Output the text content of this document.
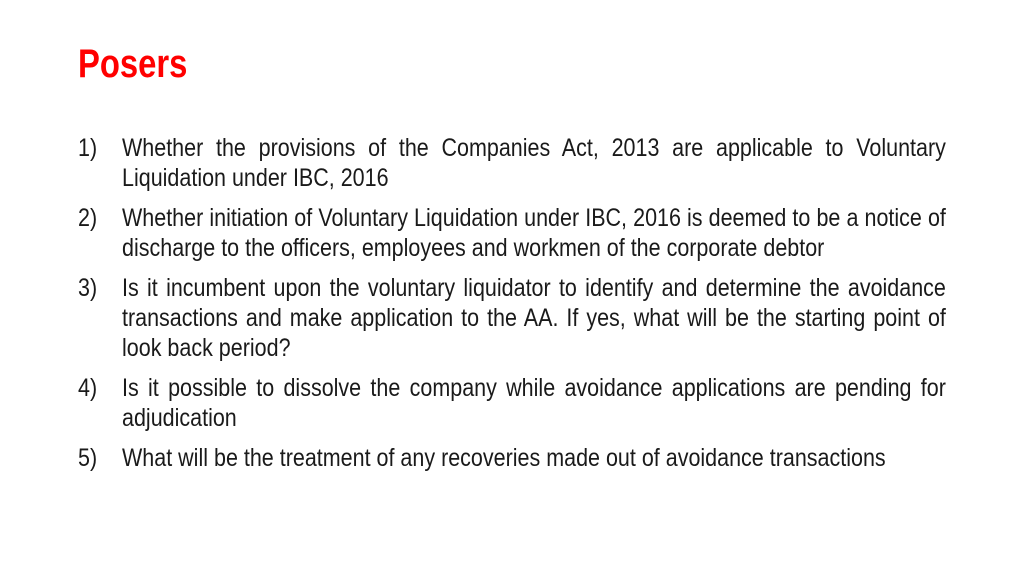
Posers
1) Whether the provisions of the Companies Act, 2013 are applicable to Voluntary Liquidation under IBC, 2016
2) Whether initiation of Voluntary Liquidation under IBC, 2016 is deemed to be a notice of discharge to the officers, employees and workmen of the corporate debtor
3) Is it incumbent upon the voluntary liquidator to identify and determine the avoidance transactions and make application to the AA. If yes, what will be the starting point of look back period?
4) Is it possible to dissolve the company while avoidance applications are pending for adjudication
5) What will be the treatment of any recoveries made out of avoidance transactions
